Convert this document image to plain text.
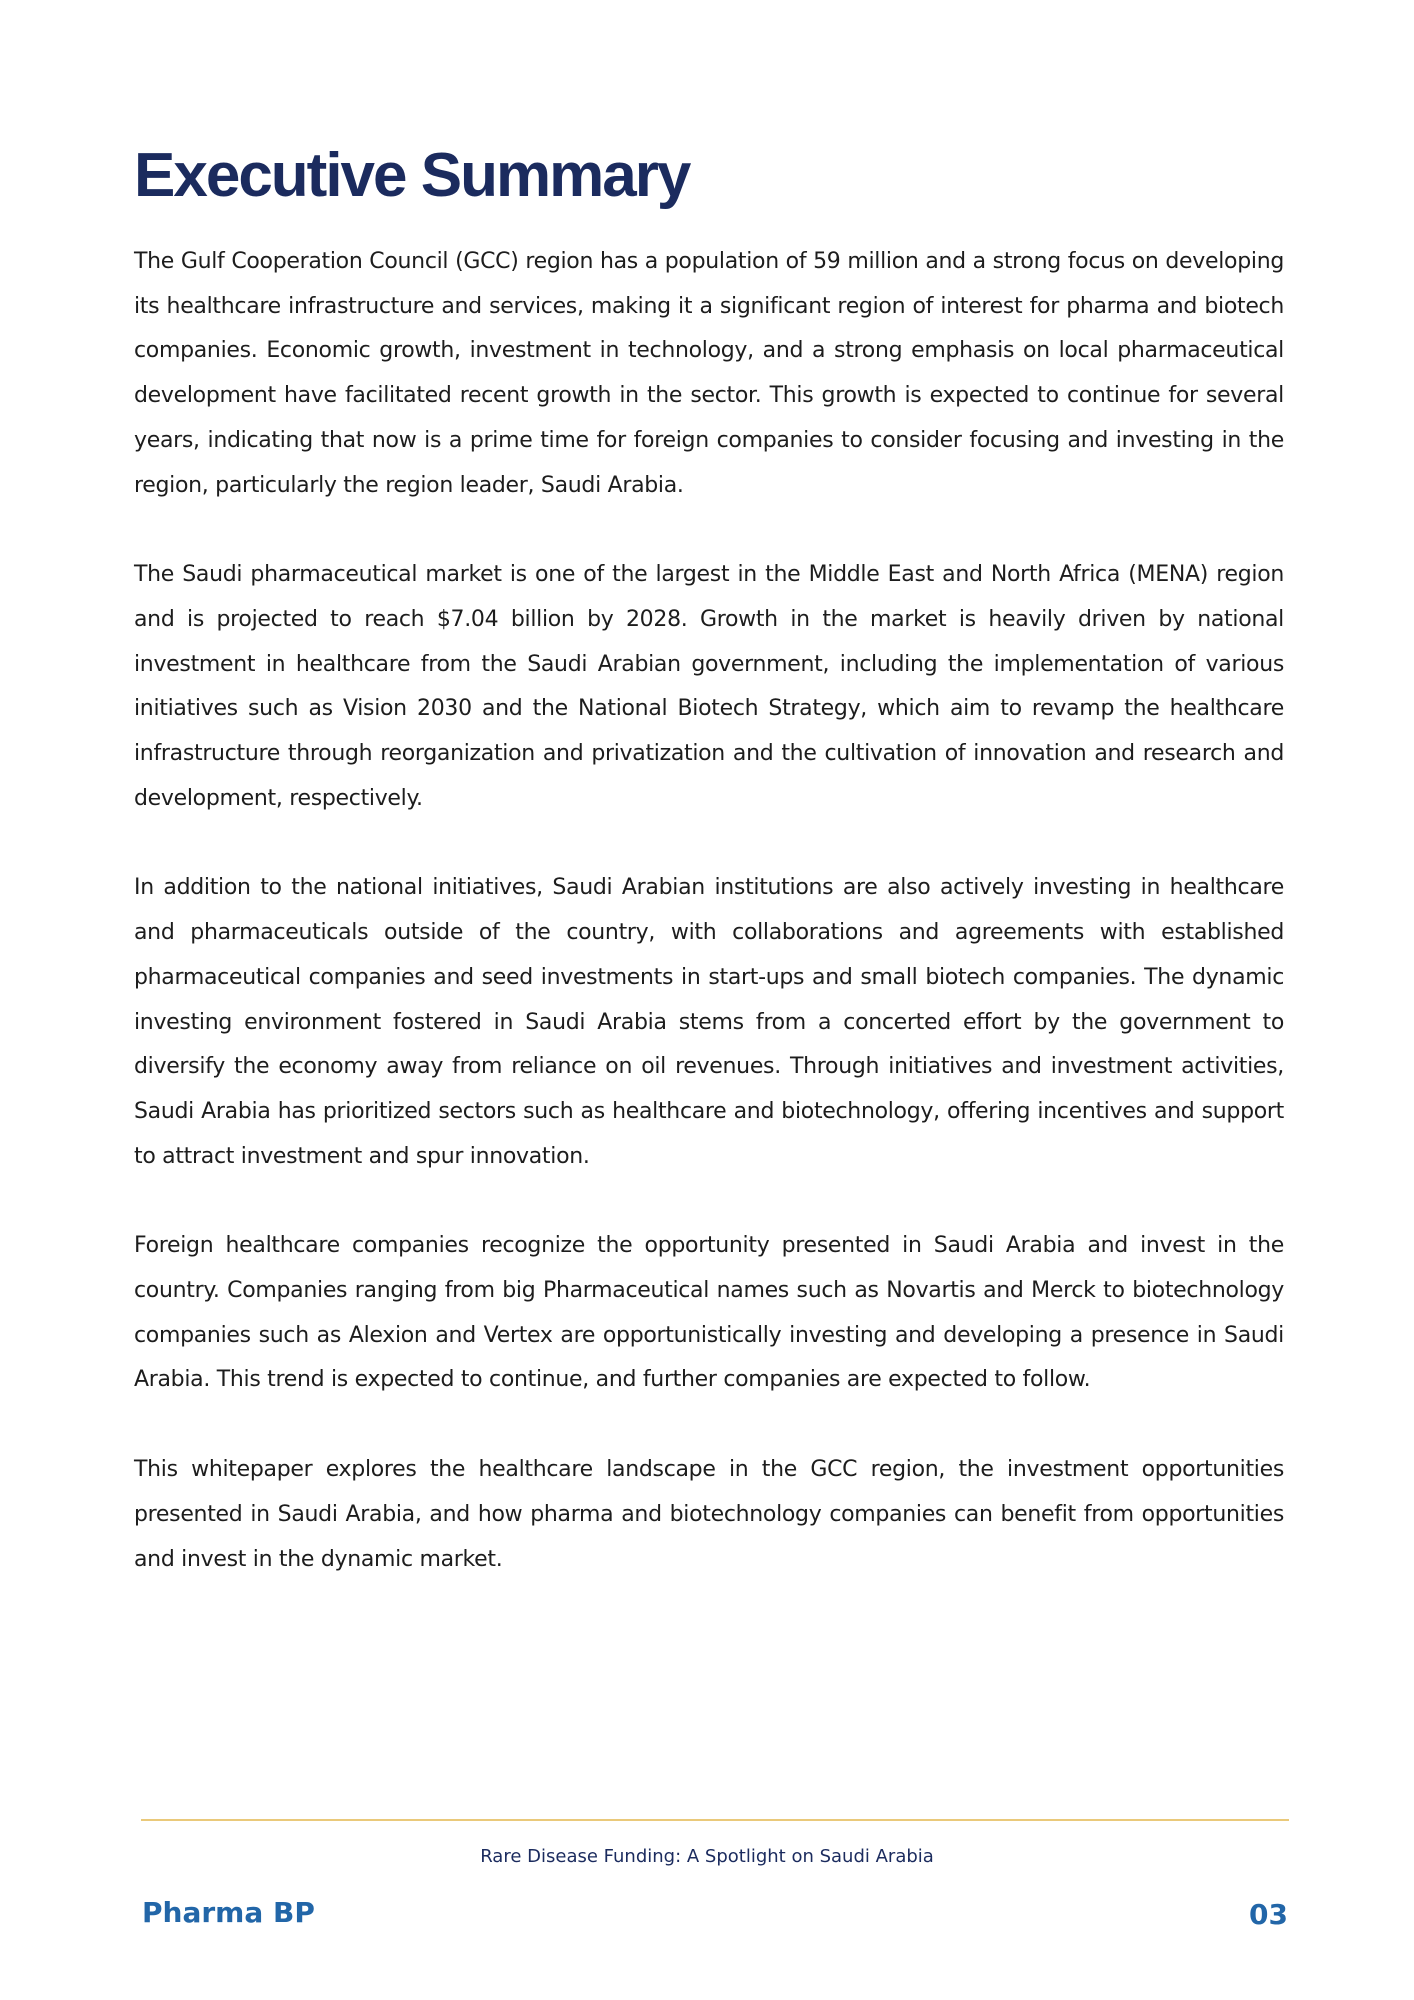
Executive Summary

The Gulf Cooperation Council (GCC) region has a population of 59 million and a strong focus on developing its healthcare infrastructure and services, making it a significant region of interest for pharma and biotech companies. Economic growth, investment in technology, and a strong emphasis on local pharmaceutical development have facilitated recent growth in the sector. This growth is expected to continue for several years, indicating that now is a prime time for foreign companies to consider focusing and investing in the region, particularly the region leader, Saudi Arabia.

The Saudi pharmaceutical market is one of the largest in the Middle East and North Africa (MENA) region and is projected to reach $7.04 billion by 2028. Growth in the market is heavily driven by national investment in healthcare from the Saudi Arabian government, including the implementation of various initiatives such as Vision 2030 and the National Biotech Strategy, which aim to revamp the healthcare infrastructure through reorganization and privatization and the cultivation of innovation and research and development, respectively.

In addition to the national initiatives, Saudi Arabian institutions are also actively investing in healthcare and pharmaceuticals outside of the country, with collaborations and agreements with established pharmaceutical companies and seed investments in start-ups and small biotech companies. The dynamic investing environment fostered in Saudi Arabia stems from a concerted effort by the government to diversify the economy away from reliance on oil revenues. Through initiatives and investment activities, Saudi Arabia has prioritized sectors such as healthcare and biotechnology, offering incentives and support to attract investment and spur innovation.

Foreign healthcare companies recognize the opportunity presented in Saudi Arabia and invest in the country. Companies ranging from big Pharmaceutical names such as Novartis and Merck to biotechnology companies such as Alexion and Vertex are opportunistically investing and developing a presence in Saudi Arabia. This trend is expected to continue, and further companies are expected to follow.

This whitepaper explores the healthcare landscape in the GCC region, the investment opportunities presented in Saudi Arabia, and how pharma and biotechnology companies can benefit from opportunities and invest in the dynamic market.

Rare Disease Funding: A Spotlight on Saudi Arabia
Pharma BP	03
